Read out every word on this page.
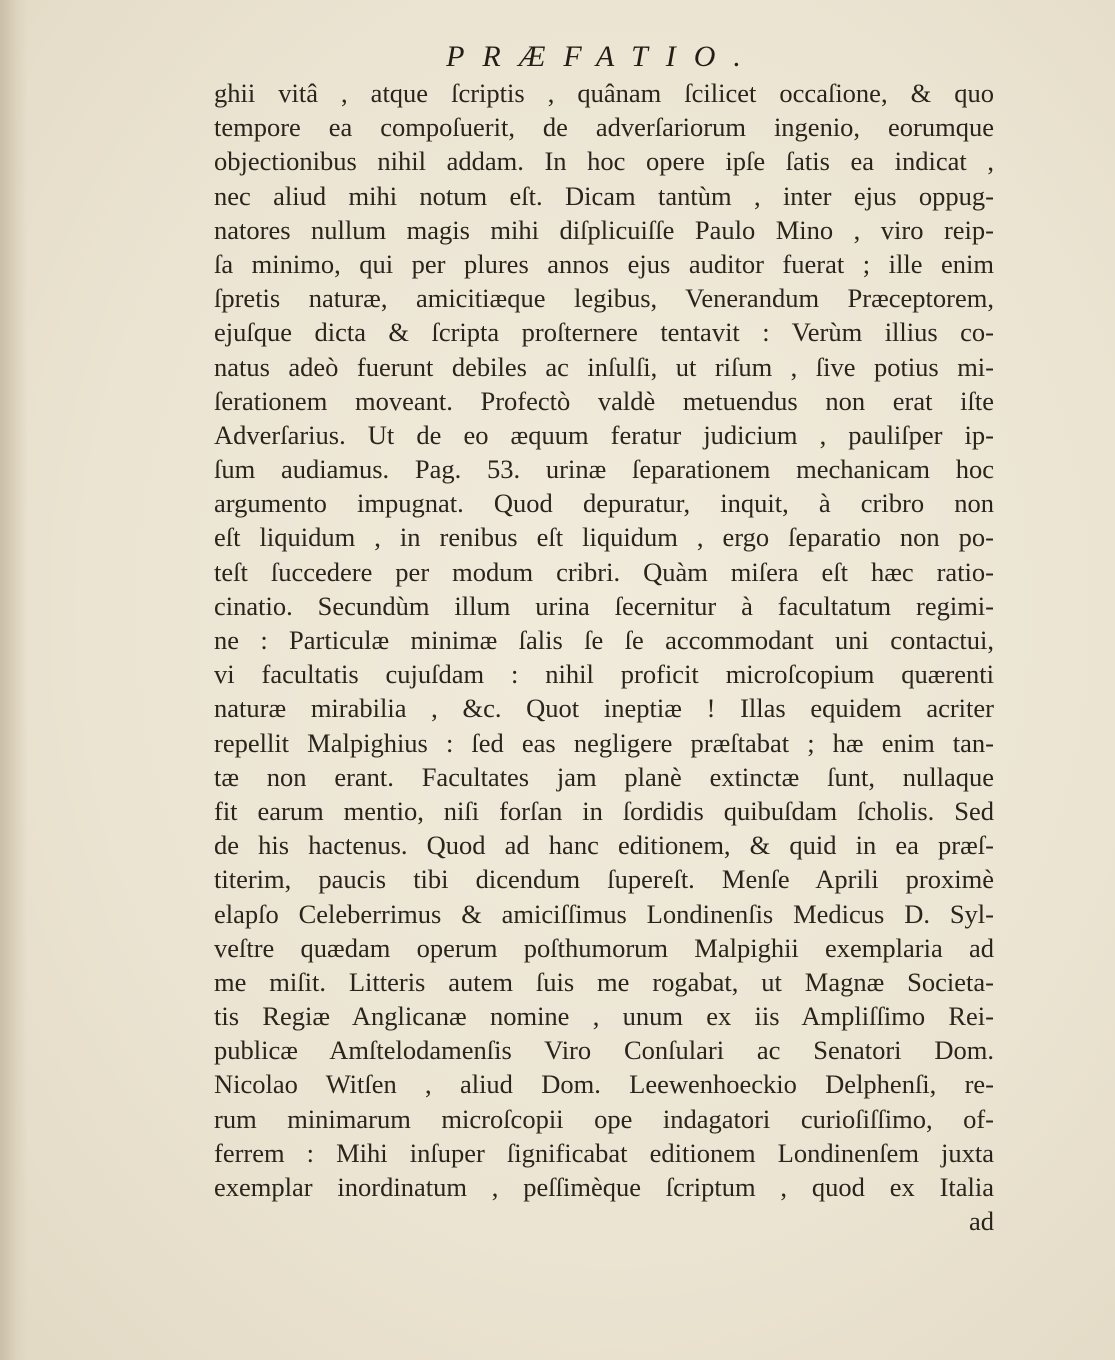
PRÆFATIO.
ghii vitâ , atque ſcriptis , quânam ſcilicet occaſione, & quo
tempore ea compoſuerit, de adverſariorum ingenio, eorumque
objectionibus nihil addam. In hoc opere ipſe ſatis ea indicat ,
nec aliud mihi notum eſt. Dicam tantùm , inter ejus oppug-
natores nullum magis mihi diſplicuiſſe Paulo Mino , viro reip-
ſa minimo, qui per plures annos ejus auditor fuerat ; ille enim
ſpretis naturæ, amicitiæque legibus, Venerandum Præceptorem,
ejuſque dicta & ſcripta proſternere tentavit : Verùm illius co-
natus adeò fuerunt debiles ac inſulſi, ut riſum , ſive potius mi-
ſerationem moveant. Profectò valdè metuendus non erat iſte
Adverſarius. Ut de eo æquum feratur judicium , pauliſper ip-
ſum audiamus. Pag. 53. urinæ ſeparationem mechanicam hoc
argumento impugnat. Quod depuratur, inquit, à cribro non
eſt liquidum , in renibus eſt liquidum , ergo ſeparatio non po-
teſt ſuccedere per modum cribri. Quàm miſera eſt hæc ratio-
cinatio. Secundùm illum urina ſecernitur à facultatum regimi-
ne : Particulæ minimæ ſalis ſe ſe accommodant uni contactui,
vi facultatis cujuſdam : nihil proficit microſcopium quærenti
naturæ mirabilia , &c. Quot ineptiæ ! Illas equidem acriter
repellit Malpighius : ſed eas negligere præſtabat ; hæ enim tan-
tæ non erant. Facultates jam planè extinctæ ſunt, nullaque
fit earum mentio, niſi forſan in ſordidis quibuſdam ſcholis. Sed
de his hactenus. Quod ad hanc editionem, & quid in ea præſ-
titerim, paucis tibi dicendum ſupereſt. Menſe Aprili proximè
elapſo Celeberrimus & amiciſſimus Londinenſis Medicus D. Syl-
veſtre quædam operum poſthumorum Malpighii exemplaria ad
me miſit. Litteris autem ſuis me rogabat, ut Magnæ Societa-
tis Regiæ Anglicanæ nomine , unum ex iis Ampliſſimo Rei-
publicæ Amſtelodamenſis Viro Conſulari ac Senatori Dom.
Nicolao Witſen , aliud Dom. Leewenhoeckio Delphenſi, re-
rum minimarum microſcopii ope indagatori curioſiſſimo, of-
ferrem : Mihi inſuper ſignificabat editionem Londinenſem juxta
exemplar inordinatum , peſſimèque ſcriptum , quod ex Italia
ad
